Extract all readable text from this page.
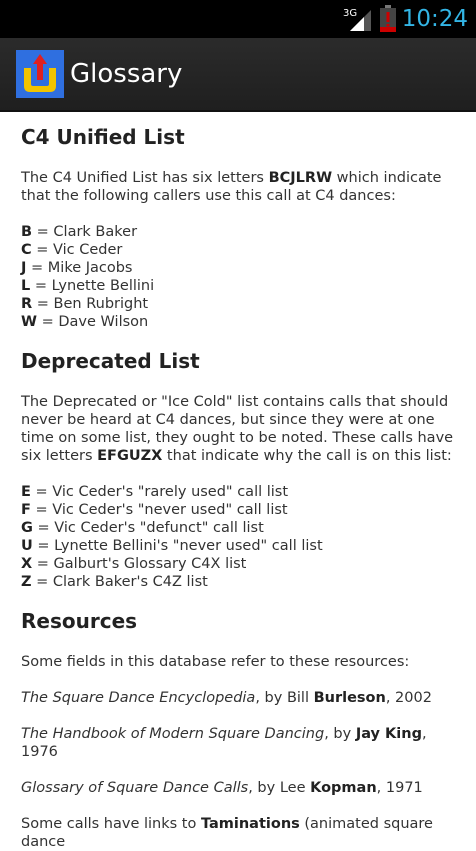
3G 10:24
Glossary
C4 Unified List

The C4 Unified List has six letters BCJLRW which indicate that the following callers use this call at C4 dances:

B = Clark Baker
C = Vic Ceder
J = Mike Jacobs
L = Lynette Bellini
R = Ben Rubright
W = Dave Wilson

Deprecated List

The Deprecated or "Ice Cold" list contains calls that should never be heard at C4 dances, but since they were at one time on some list, they ought to be noted. These calls have six letters EFGUZX that indicate why the call is on this list:

E = Vic Ceder's "rarely used" call list
F = Vic Ceder's "never used" call list
G = Vic Ceder's "defunct" call list
U = Lynette Bellini's "never used" call list
X = Galburt's Glossary C4X list
Z = Clark Baker's C4Z list

Resources

Some fields in this database refer to these resources:

The Square Dance Encyclopedia, by Bill Burleson, 2002

The Handbook of Modern Square Dancing, by Jay King, 1976

Glossary of Square Dance Calls, by Lee Kopman, 1971

Some calls have links to Taminations (animated square dance
